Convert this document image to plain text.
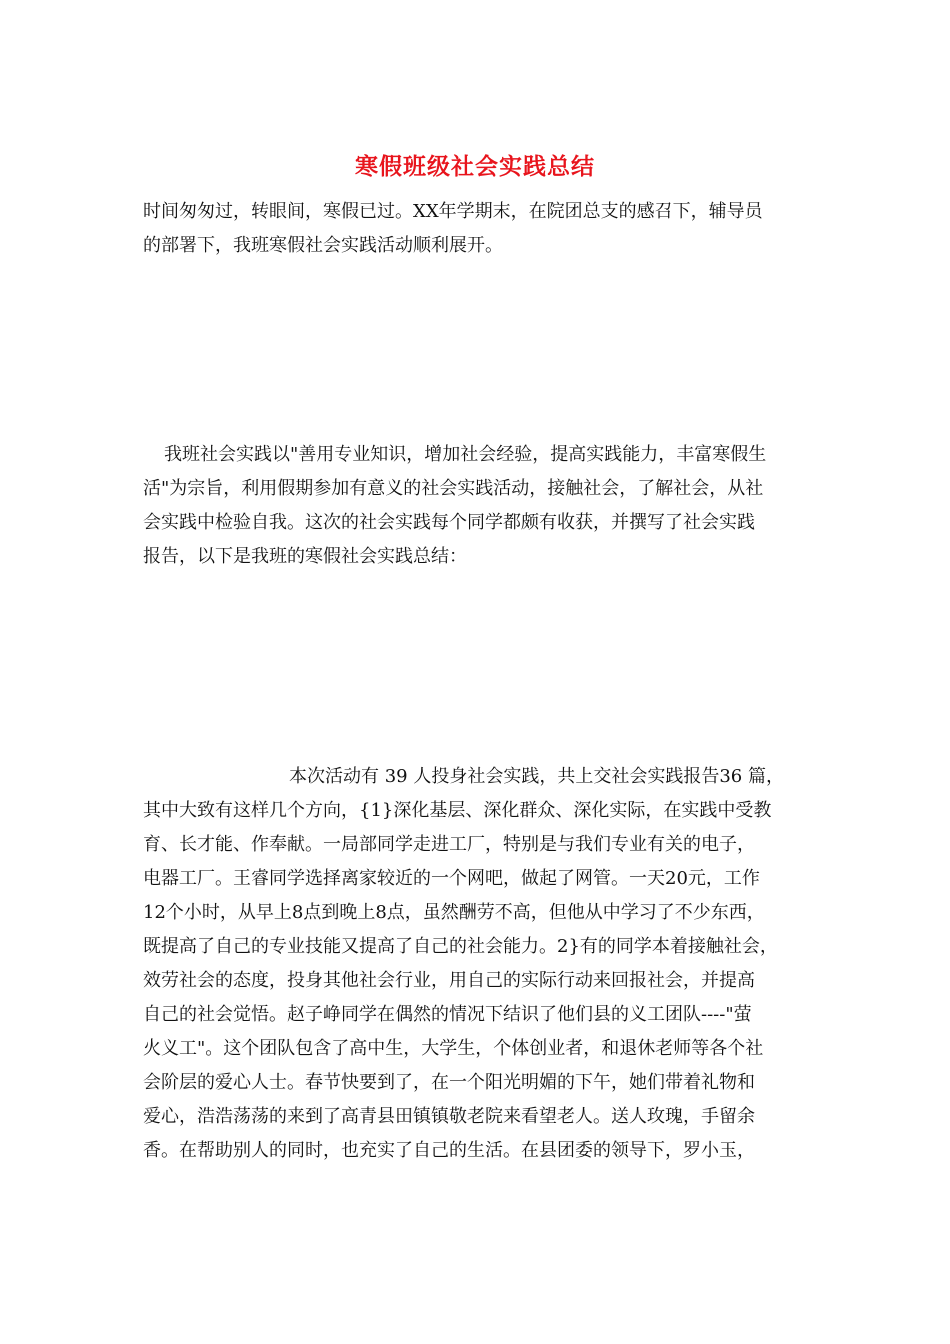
寒假班级社会实践总结
时间匆匆过，转眼间，寒假已过。XX年学期末，在院团总支的感召下，辅导员
的部署下，我班寒假社会实践活动顺利展开。
我班社会实践以"善用专业知识，增加社会经验，提高实践能力，丰富寒假生
活"为宗旨，利用假期参加有意义的社会实践活动，接触社会，了解社会，从社
会实践中检验自我。这次的社会实践每个同学都颇有收获，并撰写了社会实践
报告，以下是我班的寒假社会实践总结：
本次活动有 39 人投身社会实践，共上交社会实践报告36 篇，
其中大致有这样几个方向，{1}深化基层、深化群众、深化实际，在实践中受教
育、长才能、作奉献。一局部同学走进工厂，特别是与我们专业有关的电子，
电器工厂。王睿同学选择离家较近的一个网吧，做起了网管。一天20元，工作
12个小时，从早上8点到晚上8点，虽然酬劳不高，但他从中学习了不少东西，
既提高了自己的专业技能又提高了自己的社会能力。2}有的同学本着接触社会，
效劳社会的态度，投身其他社会行业，用自己的实际行动来回报社会，并提高
自己的社会觉悟。赵子峥同学在偶然的情况下结识了他们县的义工团队----"萤
火义工"。这个团队包含了高中生，大学生，个体创业者，和退休老师等各个社
会阶层的爱心人士。春节快要到了，在一个阳光明媚的下午，她们带着礼物和
爱心，浩浩荡荡的来到了高青县田镇镇敬老院来看望老人。送人玫瑰，手留余
香。在帮助别人的同时，也充实了自己的生活。在县团委的领导下，罗小玉，
